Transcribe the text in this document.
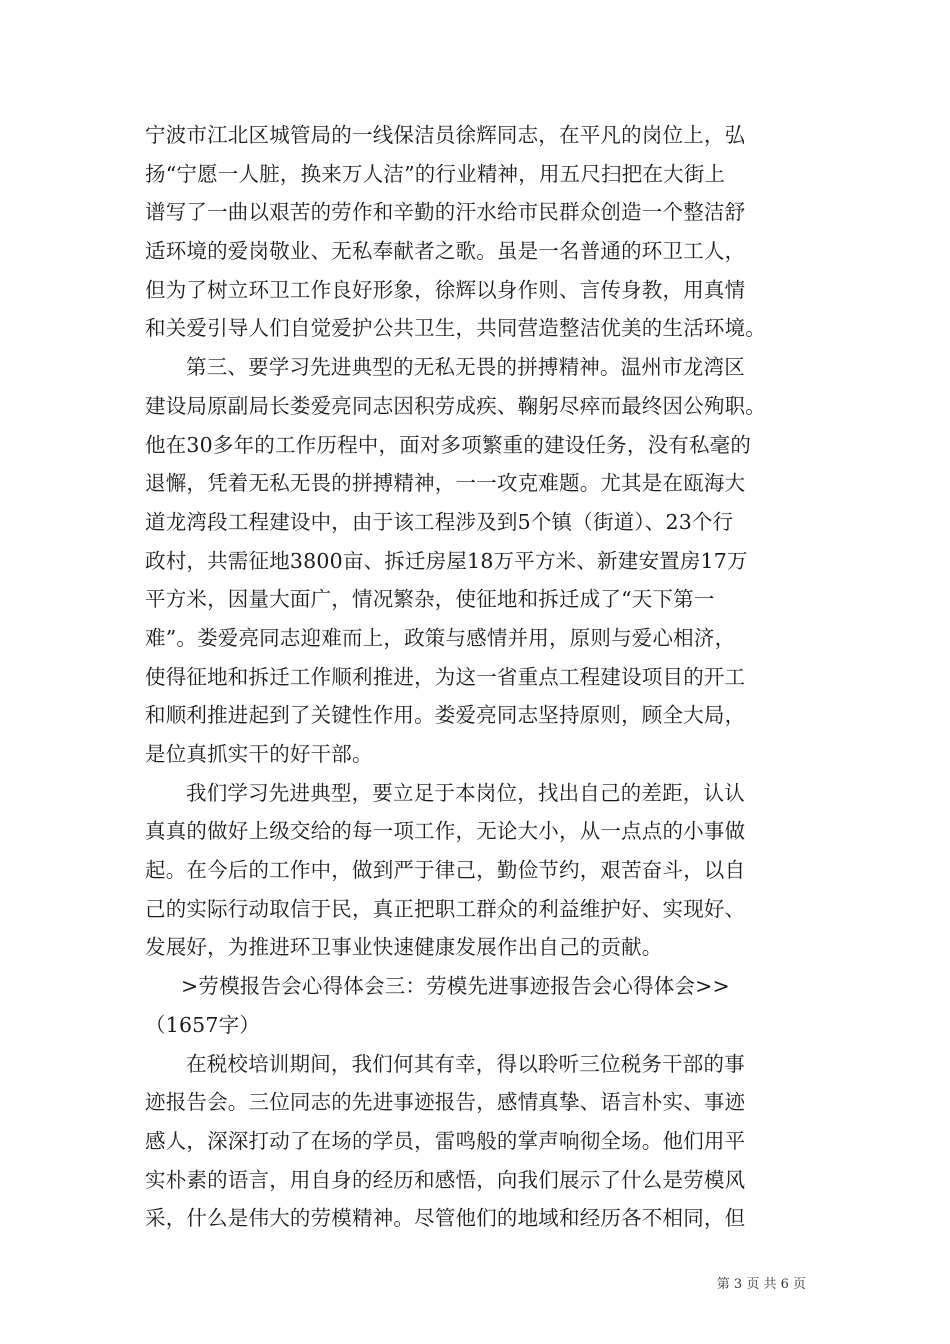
宁波市江北区城管局的一线保洁员徐辉同志，在平凡的岗位上，弘
扬“宁愿一人脏，换来万人洁”的行业精神，用五尺扫把在大街上
谱写了一曲以艰苦的劳作和辛勤的汗水给市民群众创造一个整洁舒
适环境的爱岗敬业、无私奉献者之歌。虽是一名普通的环卫工人，
但为了树立环卫工作良好形象，徐辉以身作则、言传身教，用真情
和关爱引导人们自觉爱护公共卫生，共同营造整洁优美的生活环境。
第三、要学习先进典型的无私无畏的拼搏精神。温州市龙湾区
建设局原副局长娄爱亮同志因积劳成疾、鞠躬尽瘁而最终因公殉职。
他在30多年的工作历程中，面对多项繁重的建设任务，没有私毫的
退懈，凭着无私无畏的拼搏精神，一一攻克难题。尤其是在瓯海大
道龙湾段工程建设中，由于该工程涉及到5个镇（街道）、23个行
政村，共需征地3800亩、拆迁房屋18万平方米、新建安置房17万
平方米，因量大面广，情况繁杂，使征地和拆迁成了“天下第一
难”。娄爱亮同志迎难而上，政策与感情并用，原则与爱心相济，
使得征地和拆迁工作顺利推进，为这一省重点工程建设项目的开工
和顺利推进起到了关键性作用。娄爱亮同志坚持原则，顾全大局，
是位真抓实干的好干部。
我们学习先进典型，要立足于本岗位，找出自己的差距，认认
真真的做好上级交给的每一项工作，无论大小，从一点点的小事做
起。在今后的工作中，做到严于律己，勤俭节约，艰苦奋斗，以自
己的实际行动取信于民，真正把职工群众的利益维护好、实现好、
发展好，为推进环卫事业快速健康发展作出自己的贡献。
>劳模报告会心得体会三：劳模先进事迹报告会心得体会>>
（1657字）
在税校培训期间，我们何其有幸，得以聆听三位税务干部的事
迹报告会。三位同志的先进事迹报告，感情真挚、语言朴实、事迹
感人，深深打动了在场的学员，雷鸣般的掌声响彻全场。他们用平
实朴素的语言，用自身的经历和感悟，向我们展示了什么是劳模风
采，什么是伟大的劳模精神。尽管他们的地域和经历各不相同，但
第 3 页 共 6 页
